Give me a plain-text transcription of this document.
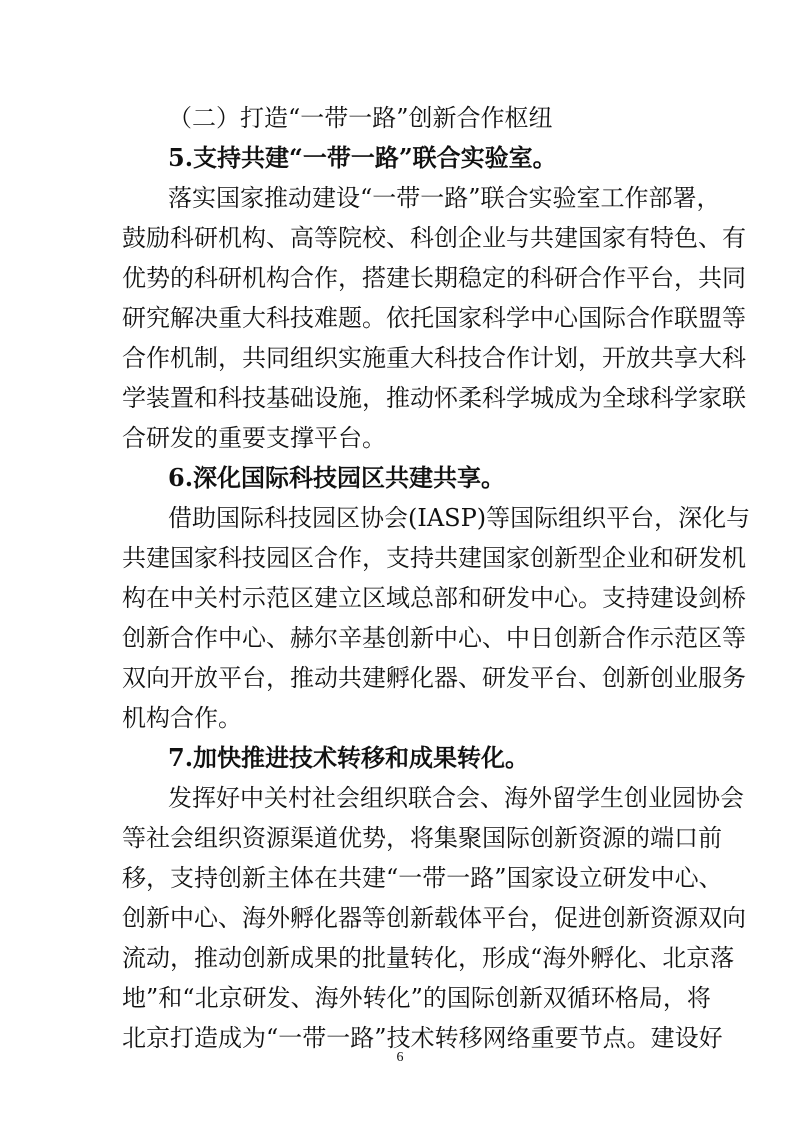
（二）打造“一带一路”创新合作枢纽
5.支持共建“一带一路”联合实验室。
落实国家推动建设“一带一路”联合实验室工作部署，
鼓 励 科 研 机 构 、 高 等 院 校 、 科 创 企 业 与 共 建 国 家 有 特 色 、 有
优 势 的 科 研 机 构 合 作 ， 搭 建 长 期 稳 定 的 科 研 合 作 平 台 ， 共 同
研 究 解 决 重 大 科 技 难 题 。 依 托 国 家 科 学 中 心 国 际 合 作 联 盟 等
合 作 机 制 ， 共 同 组 织 实 施 重 大 科 技 合 作 计 划 ， 开 放 共 享 大 科
学 装 置 和 科 技 基 础 设 施 ， 推 动 怀 柔 科 学 城 成 为 全 球 科 学 家 联
合研发的重要支撑平台。
6.深化国际科技园区共建共享。
借助国际科技园区协会(IASP)等国际组织平台，深化与
共 建 国 家 科 技 园 区 合 作 ， 支 持 共 建 国 家 创 新 型 企 业 和 研 发 机
构 在 中 关 村 示 范 区 建 立 区 域 总 部 和 研 发 中 心 。 支 持 建 设 剑 桥
创 新 合 作 中 心 、 赫 尔 辛 基 创 新 中 心 、 中 日 创 新 合 作 示 范 区 等
双 向 开 放 平 台 ， 推 动 共 建 孵 化 器 、 研 发 平 台 、 创 新 创 业 服 务
机构合作。
7.加快推进技术转移和成果转化。
发挥好中关村社会组织联合会、海外留学生创业园协会
等 社 会 组 织 资 源 渠 道 优 势 ， 将 集 聚 国 际 创 新 资 源 的 端 口 前
移 ， 支 持 创 新 主 体 在 共 建 “ 一 带 一 路 ” 国 家 设 立 研 发 中 心 、
创 新 中 心 、 海 外 孵 化 器 等 创 新 载 体 平 台 ， 促 进 创 新 资 源 双 向
流 动 ， 推 动 创 新 成 果 的 批 量 转 化 ， 形 成 “ 海 外 孵 化 、 北 京 落
地 ” 和 “ 北 京 研 发 、 海 外 转 化 ” 的 国 际 创 新 双 循 环 格 局 ， 将
北 京 打 造 成 为 “ 一 带 一 路 ” 技 术 转 移 网 络 重 要 节 点 。 建 设 好
6
